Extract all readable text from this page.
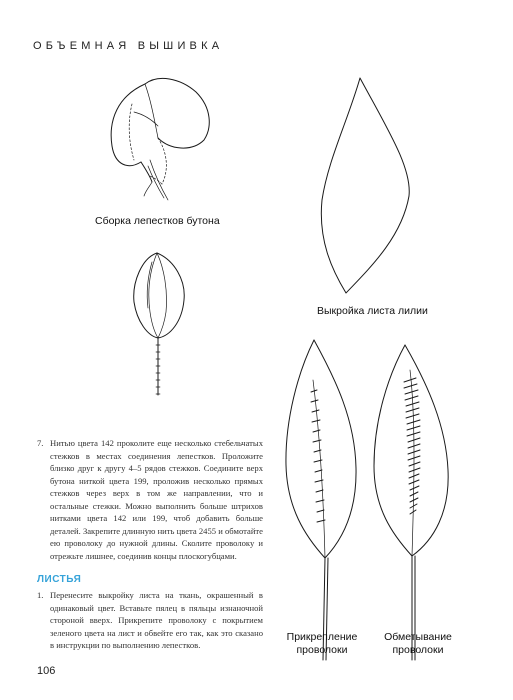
ОБЪЕМНАЯ ВЫШИВКА
Сборка лепестков бутона
Выкройка листа лилии
Прикрепление
проволоки
Обметывание
проволоки
7. Нитью цвета 142 проколите еще несколько стебельчатых стежков в местах соединения лепестков. Проложите близко друг к другу 4–5 рядов стежков. Соедините верх бутона ниткой цвета 199, проложив несколько прямых стежков через верх в том же направлении, что и остальные стежки. Можно выполнить больше штрихов нитками цвета 142 или 199, чтоб добавить больше деталей. Закрепите длинную нить цвета 2455 и обмотайте ею проволоку до нужной длины. Сколите проволоку и отрежьте лишнее, соединив концы плоскогубцами.
ЛИСТЬЯ
1. Перенесите выкройку листа на ткань, окрашенный в одинаковый цвет. Вставьте пялец в пяльцы изнаночной стороной вверх. Прикрепите проволоку с покрытием зеленого цвета на лист и обвейте его так, как это сказано в инструкции по выполнению лепестков.
106
